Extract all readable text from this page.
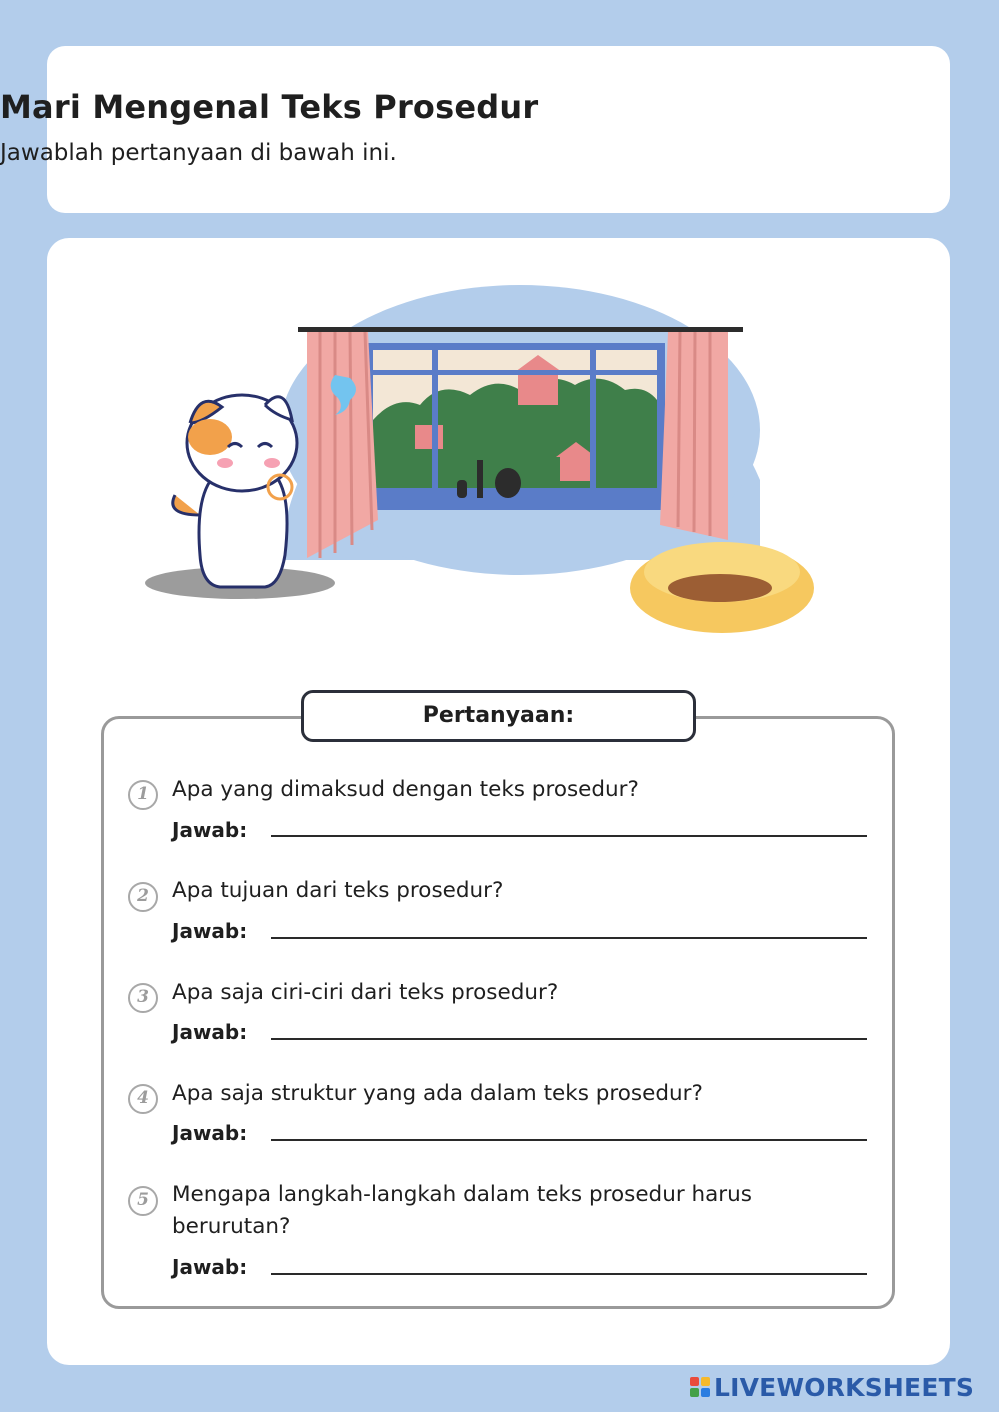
Mari Mengenal Teks Prosedur

Jawablah pertanyaan di bawah ini.

Pertanyaan:
1	Apa yang dimaksud dengan teks prosedur?
Jawab:
2	Apa tujuan dari teks prosedur?
Jawab:
3	Apa saja ciri-ciri dari teks prosedur?
Jawab:
4	Apa saja struktur yang ada dalam teks prosedur?
Jawab:
5	Mengapa langkah-langkah dalam teks prosedur harus berurutan?
Jawab:
LIVEWORKSHEETS
